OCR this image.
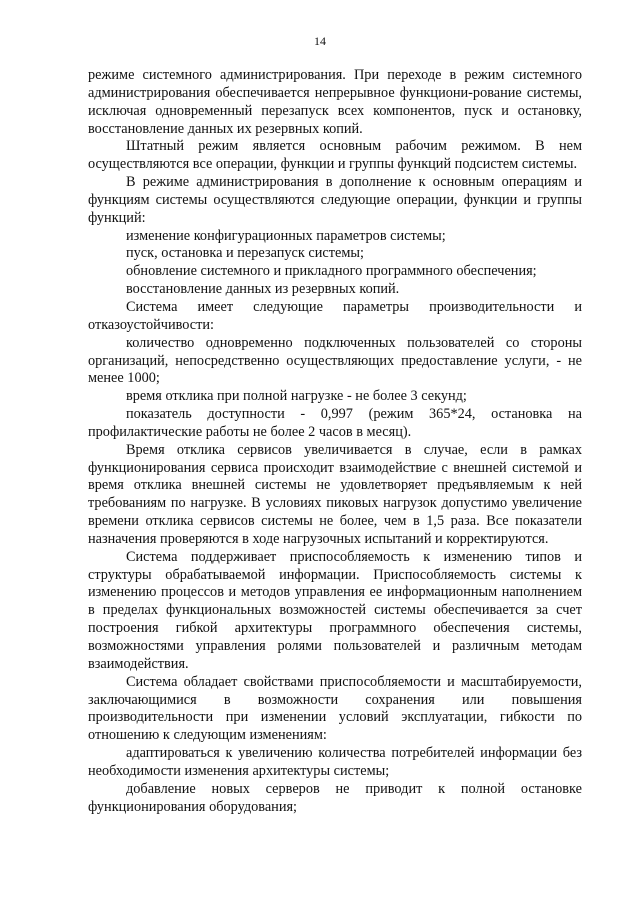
14

режиме системного администрирования. При переходе в режим системного администрирования обеспечивается непрерывное функциони-рование системы, исключая одновременный перезапуск всех компонентов, пуск и остановку, восстановление данных их резервных копий.

Штатный режим является основным рабочим режимом. В нем осуществляются все операции, функции и группы функций подсистем системы.

В режиме администрирования в дополнение к основным операциям и функциям системы осуществляются следующие операции, функции и группы функций:

изменение конфигурационных параметров системы;

пуск, остановка и перезапуск системы;

обновление системного и прикладного программного обеспечения;

восстановление данных из резервных копий.

Система имеет следующие параметры производительности и отказоустойчивости:

количество одновременно подключенных пользователей со стороны организаций, непосредственно осуществляющих предоставление услуги, - не менее 1000;

время отклика при полной нагрузке - не более 3 секунд;

показатель доступности - 0,997 (режим 365*24, остановка на профилактические работы не более 2 часов в месяц).

Время отклика сервисов увеличивается в случае, если в рамках функционирования сервиса происходит взаимодействие с внешней системой и время отклика внешней системы не удовлетворяет предъявляемым к ней требованиям по нагрузке. В условиях пиковых нагрузок допустимо увеличение времени отклика сервисов системы не более, чем в 1,5 раза. Все показатели назначения проверяются в ходе нагрузочных испытаний и корректируются.

Система поддерживает приспособляемость к изменению типов и структуры обрабатываемой информации. Приспособляемость системы к изменению процессов и методов управления ее информационным наполнением в пределах функциональных возможностей системы обеспечивается за счет построения гибкой архитектуры программного обеспечения системы, возможностями управления ролями пользователей и различным методам взаимодействия.

Система обладает свойствами приспособляемости и масштабируемости, заключающимися в возможности сохранения или повышения производительности при изменении условий эксплуатации, гибкости по отношению к следующим изменениям:

адаптироваться к увеличению количества потребителей информации без необходимости изменения архитектуры системы;

добавление новых серверов не приводит к полной остановке функционирования оборудования;
